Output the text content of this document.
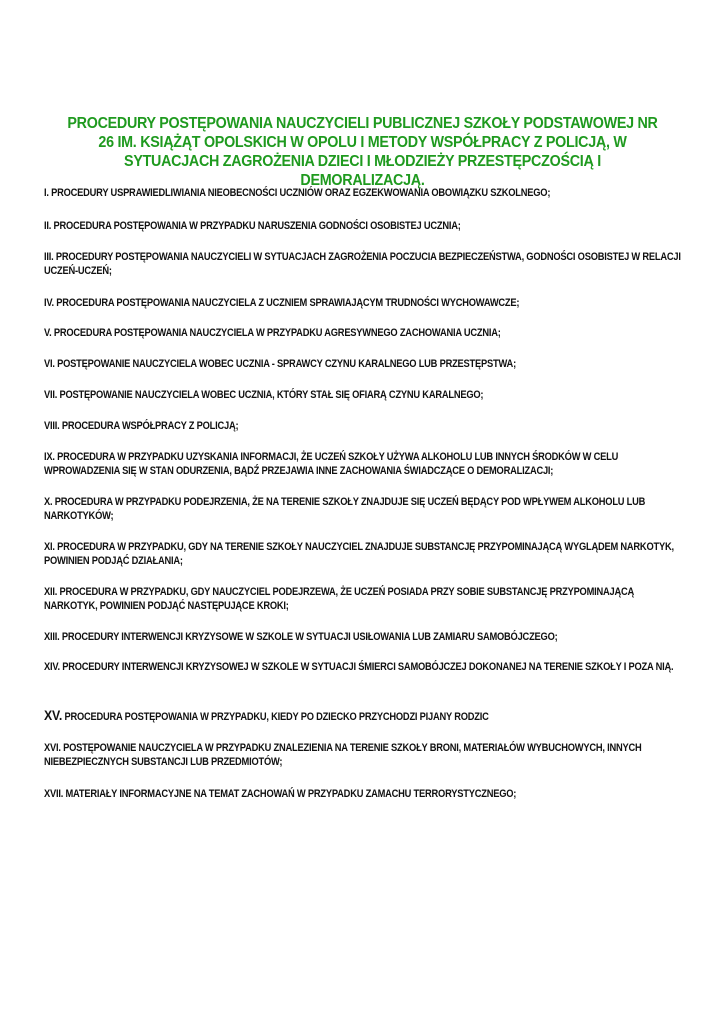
PROCEDURY POSTĘPOWANIA NAUCZYCIELI PUBLICZNEJ SZKOŁY PODSTAWOWEJ NR 26 IM. KSIĄŻĄT OPOLSKICH W OPOLU I METODY WSPÓŁPRACY Z POLICJĄ, W SYTUACJACH ZAGROŻENIA DZIECI I MŁODZIEŻY PRZESTĘPCZOŚCIĄ I DEMORALIZACJĄ.

I. PROCEDURY USPRAWIEDLIWIANIA NIEOBECNOŚCI UCZNIÓW ORAZ EGZEKWOWANIA OBOWIĄZKU SZKOLNEGO;

II. PROCEDURA POSTĘPOWANIA W PRZYPADKU NARUSZENIA GODNOŚCI OSOBISTEJ UCZNIA;

III. PROCEDURY POSTĘPOWANIA NAUCZYCIELI W SYTUACJACH ZAGROŻENIA POCZUCIA BEZPIECZEŃSTWA, GODNOŚCI OSOBISTEJ W RELACJI UCZEŃ-UCZEŃ;

IV. PROCEDURA POSTĘPOWANIA NAUCZYCIELA Z UCZNIEM SPRAWIAJĄCYM TRUDNOŚCI WYCHOWAWCZE;

V. PROCEDURA POSTĘPOWANIA NAUCZYCIELA W PRZYPADKU AGRESYWNEGO ZACHOWANIA UCZNIA;

VI. POSTĘPOWANIE NAUCZYCIELA WOBEC UCZNIA - SPRAWCY CZYNU KARALNEGO LUB PRZESTĘPSTWA;

VII. POSTĘPOWANIE NAUCZYCIELA WOBEC UCZNIA, KTÓRY STAŁ SIĘ OFIARĄ CZYNU KARALNEGO;

VIII. PROCEDURA WSPÓŁPRACY Z POLICJĄ;

IX. PROCEDURA W PRZYPADKU UZYSKANIA INFORMACJI, ŻE UCZEŃ SZKOŁY UŻYWA ALKOHOLU LUB INNYCH ŚRODKÓW W CELU WPROWADZENIA SIĘ W STAN ODURZENIA, BĄDŹ PRZEJAWIA INNE ZACHOWANIA ŚWIADCZĄCE O DEMORALIZACJI;

X. PROCEDURA W PRZYPADKU PODEJRZENIA, ŻE NA TERENIE SZKOŁY ZNAJDUJE SIĘ UCZEŃ BĘDĄCY POD WPŁYWEM ALKOHOLU LUB NARKOTYKÓW;

XI. PROCEDURA W PRZYPADKU, GDY NA TERENIE SZKOŁY NAUCZYCIEL ZNAJDUJE SUBSTANCJĘ PRZYPOMINAJĄCĄ WYGLĄDEM NARKOTYK, POWINIEN PODJĄĆ DZIAŁANIA;

XII. PROCEDURA W PRZYPADKU, GDY NAUCZYCIEL PODEJRZEWA, ŻE UCZEŃ POSIADA PRZY SOBIE SUBSTANCJĘ PRZYPOMINAJĄCĄ NARKOTYK, POWINIEN PODJĄĆ NASTĘPUJĄCE KROKI;

XIII. PROCEDURY INTERWENCJI KRYZYSOWE W SZKOLE W SYTUACJI USIŁOWANIA LUB ZAMIARU SAMOBÓJCZEGO;

XIV. PROCEDURY INTERWENCJI KRYZYSOWEJ W SZKOLE W SYTUACJI ŚMIERCI SAMOBÓJCZEJ DOKONANEJ NA TERENIE SZKOŁY I POZA NIĄ.

XV. PROCEDURA POSTĘPOWANIA W PRZYPADKU, KIEDY PO DZIECKO PRZYCHODZI PIJANY RODZIC

XVI. POSTĘPOWANIE NAUCZYCIELA W PRZYPADKU ZNALEZIENIA NA TERENIE SZKOŁY BRONI, MATERIAŁÓW WYBUCHOWYCH, INNYCH NIEBEZPIECZNYCH SUBSTANCJI LUB PRZEDMIOTÓW;

XVII. MATERIAŁY INFORMACYJNE NA TEMAT ZACHOWAŃ W PRZYPADKU ZAMACHU TERRORYSTYCZNEGO;
